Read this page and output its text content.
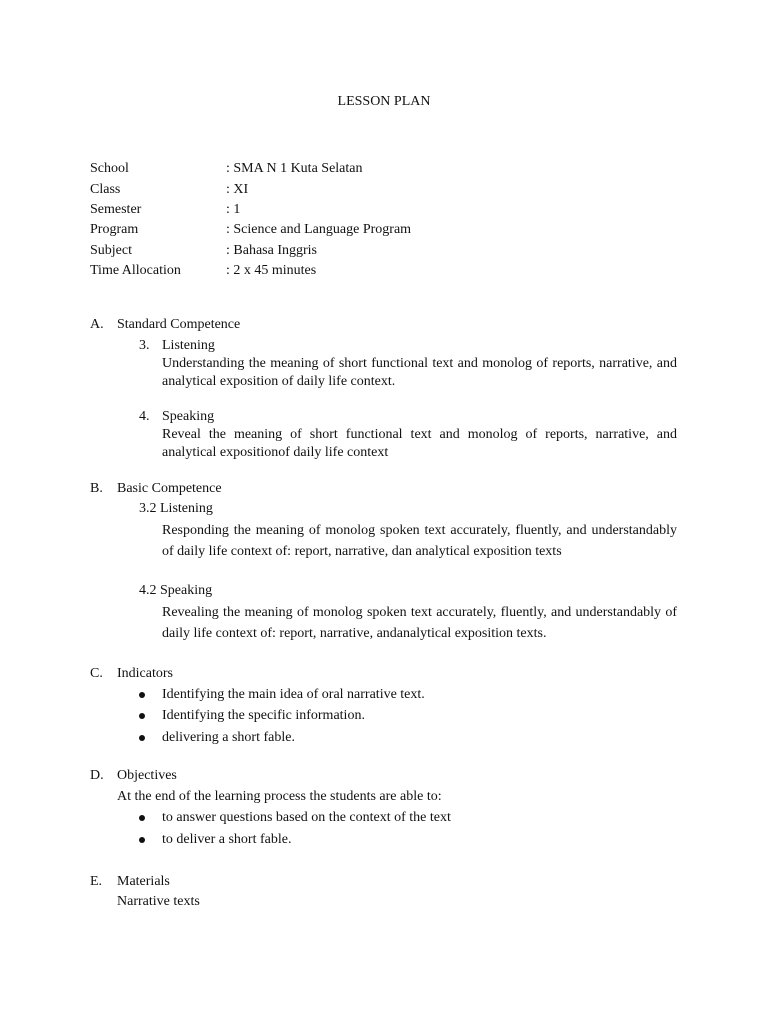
LESSON PLAN
School	: SMA N 1 Kuta Selatan
Class	: XI
Semester	: 1
Program	: Science and Language Program
Subject	: Bahasa Inggris
Time Allocation	: 2 x 45 minutes
A. Standard Competence
3. Listening
Understanding the meaning of short functional text and monolog of reports, narrative, and analytical exposition of daily life context.
4. Speaking
Reveal the meaning of short functional text and monolog of reports, narrative, and analytical expositionof daily life context
B. Basic Competence
3.2 Listening
Responding the meaning of monolog spoken text accurately, fluently, and understandably of daily life context of: report, narrative, dan analytical exposition texts
4.2 Speaking
Revealing the meaning of monolog spoken text accurately, fluently, and understandably of daily life context of: report, narrative, andanalytical exposition texts.
C. Indicators
Identifying the main idea of oral narrative text.
Identifying the specific information.
delivering a short fable.
D. Objectives
At the end of the learning process the students are able to:
to answer questions based on the context of the text
to deliver a short fable.
E. Materials
Narrative texts
